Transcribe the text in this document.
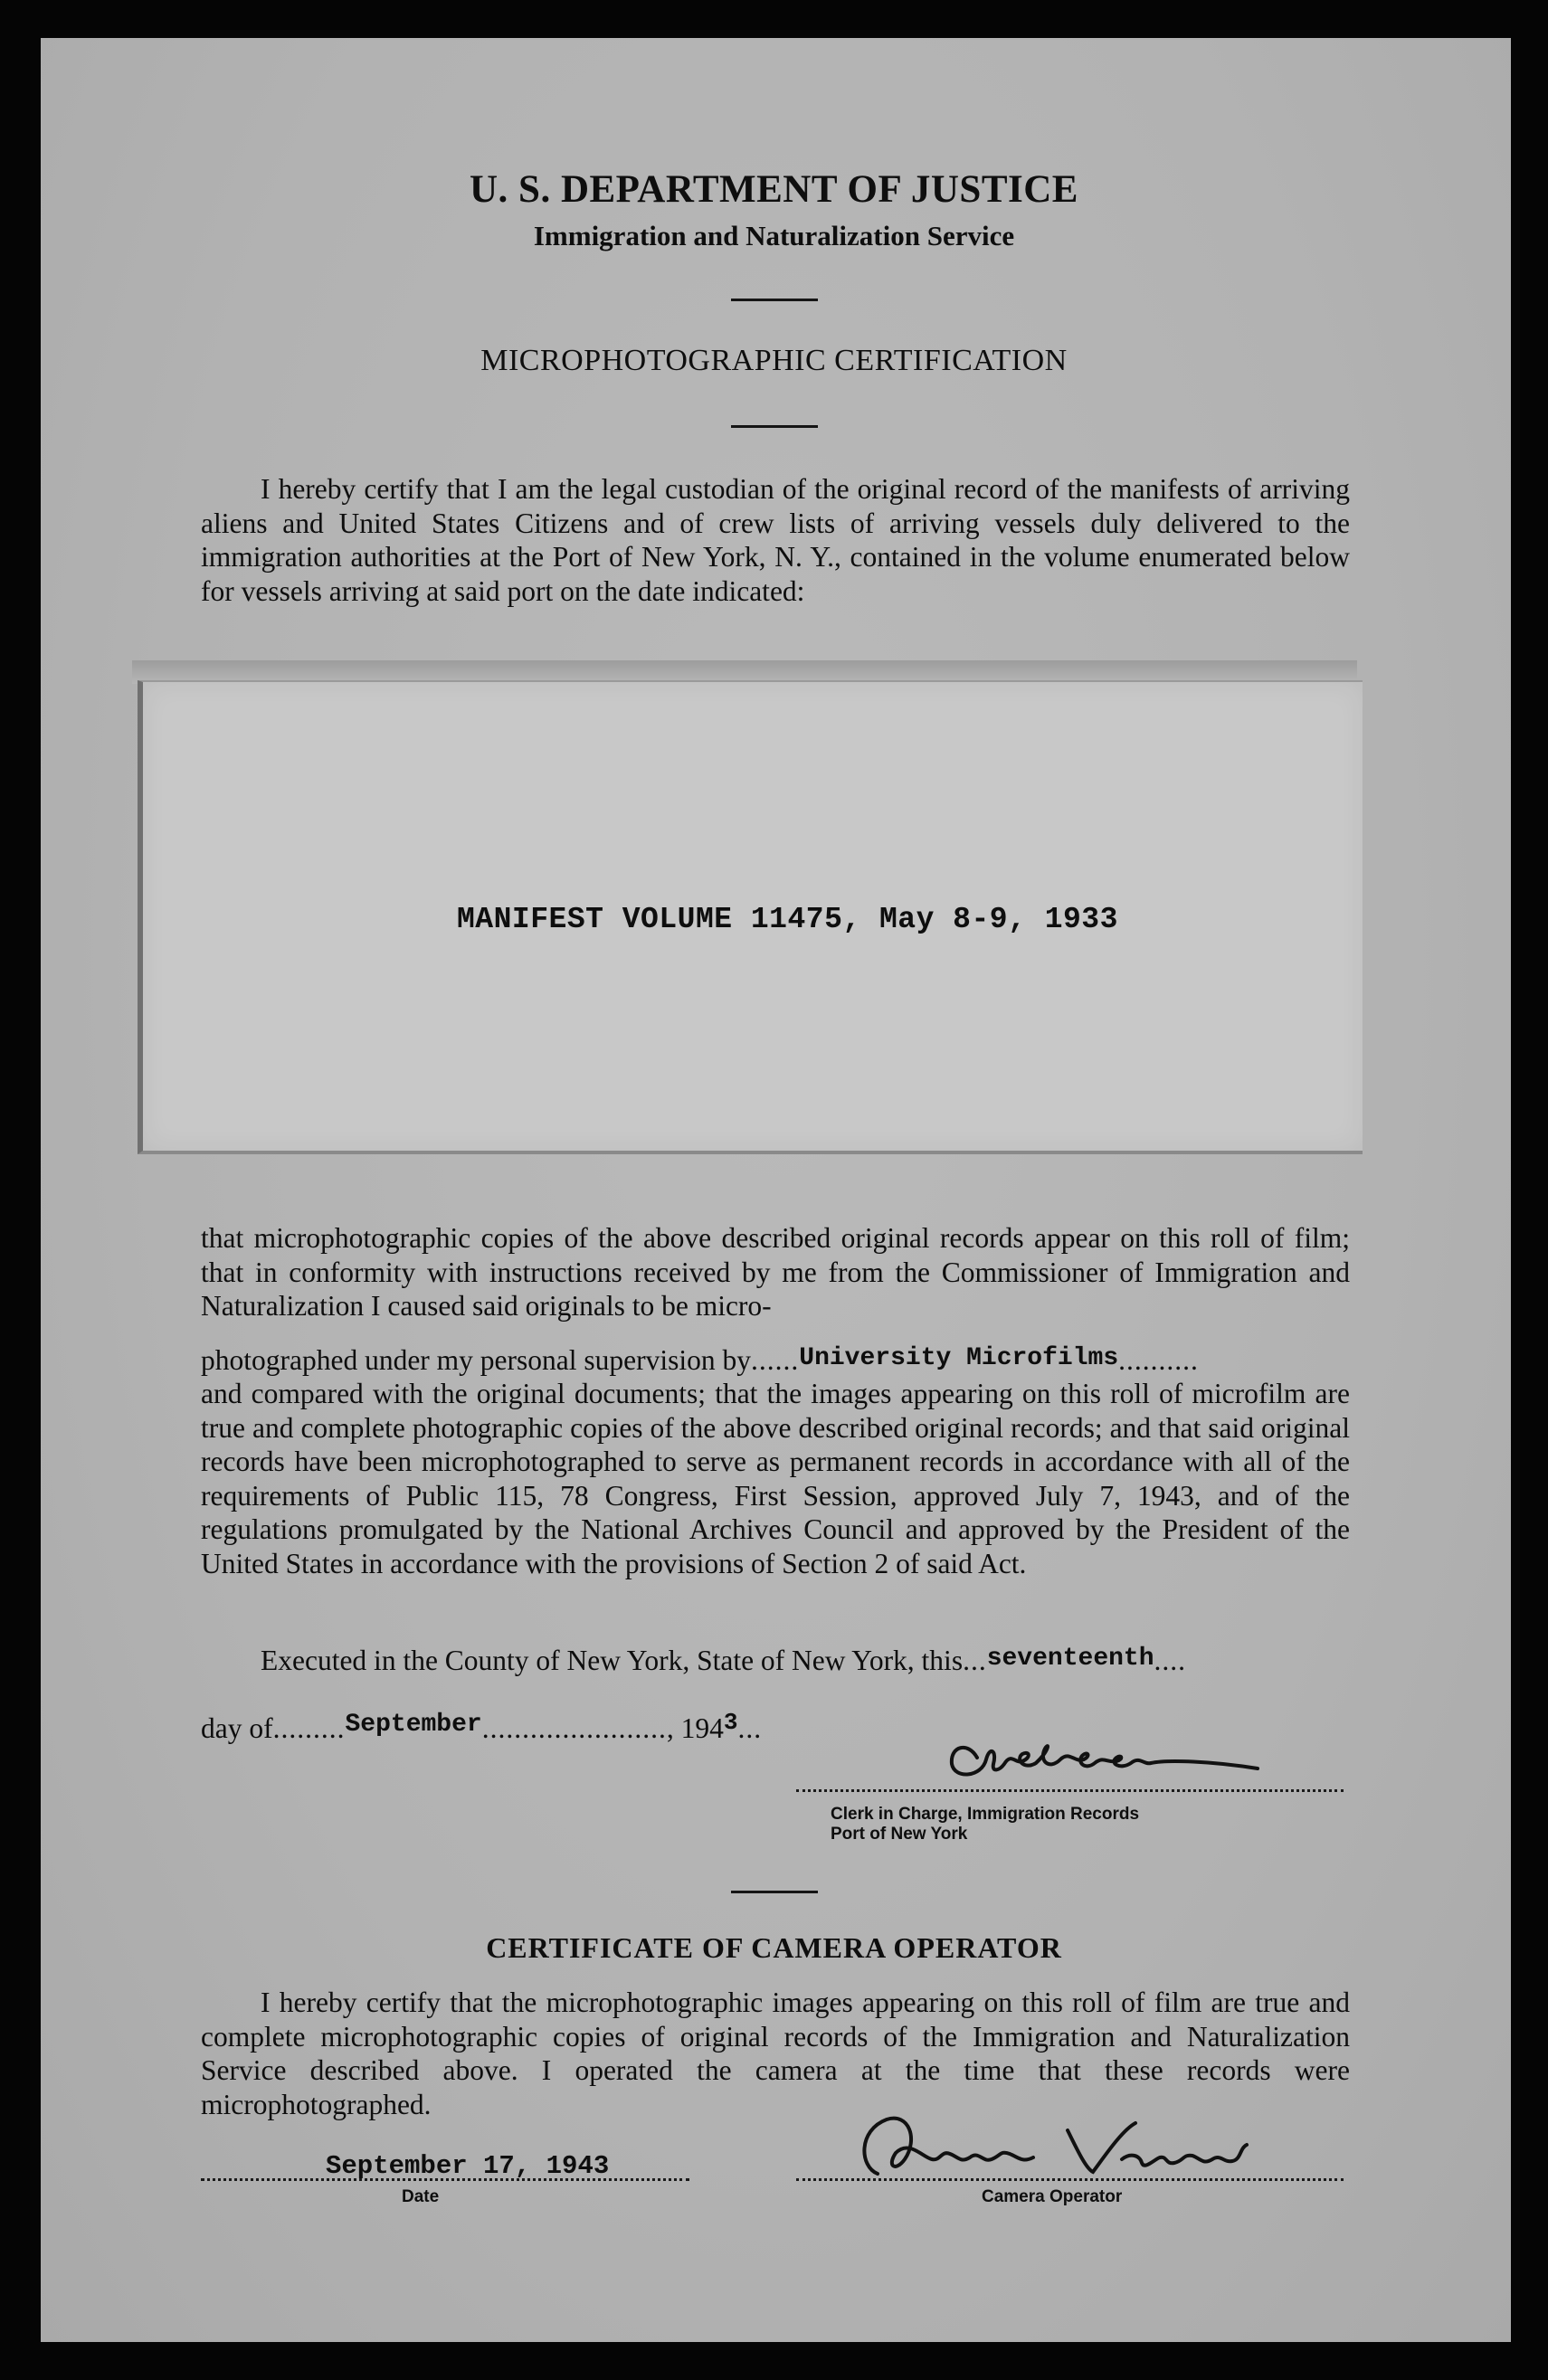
U. S. DEPARTMENT OF JUSTICE
Immigration and Naturalization Service
MICROPHOTOGRAPHIC CERTIFICATION
I hereby certify that I am the legal custodian of the original record of the manifests of arriving aliens and United States Citizens and of crew lists of arriving vessels duly delivered to the immigration authorities at the Port of New York, N. Y., contained in the volume enumerated below for vessels arriving at said port on the date indicated:
MANIFEST VOLUME 11475, May 8-9, 1933
that microphotographic copies of the above described original records appear on this roll of film; that in conformity with instructions received by me from the Commissioner of Immigration and Naturalization I caused said originals to be micro-
photographed under my personal supervision by......University Microfilms..........
and compared with the original documents; that the images appearing on this roll of microfilm are true and complete photographic copies of the above described original records; and that said original records have been microphotographed to serve as permanent records in accordance with all of the requirements of Public 115, 78 Congress, First Session, approved July 7, 1943, and of the regulations promulgated by the National Archives Council and approved by the President of the United States in accordance with the provisions of Section 2 of said Act.
Executed in the County of New York, State of New York, this...seventeenth....
day of.........September......................., $194^3$...
Clerk in Charge, Immigration Records
Port of New York
CERTIFICATE OF CAMERA OPERATOR
I hereby certify that the microphotographic images appearing on this roll of film are true and complete microphotographic copies of original records of the Immigration and Naturalization Service described above. I operated the camera at the time that these records were microphotographed.
September 17, 1943
Date	Camera Operator
